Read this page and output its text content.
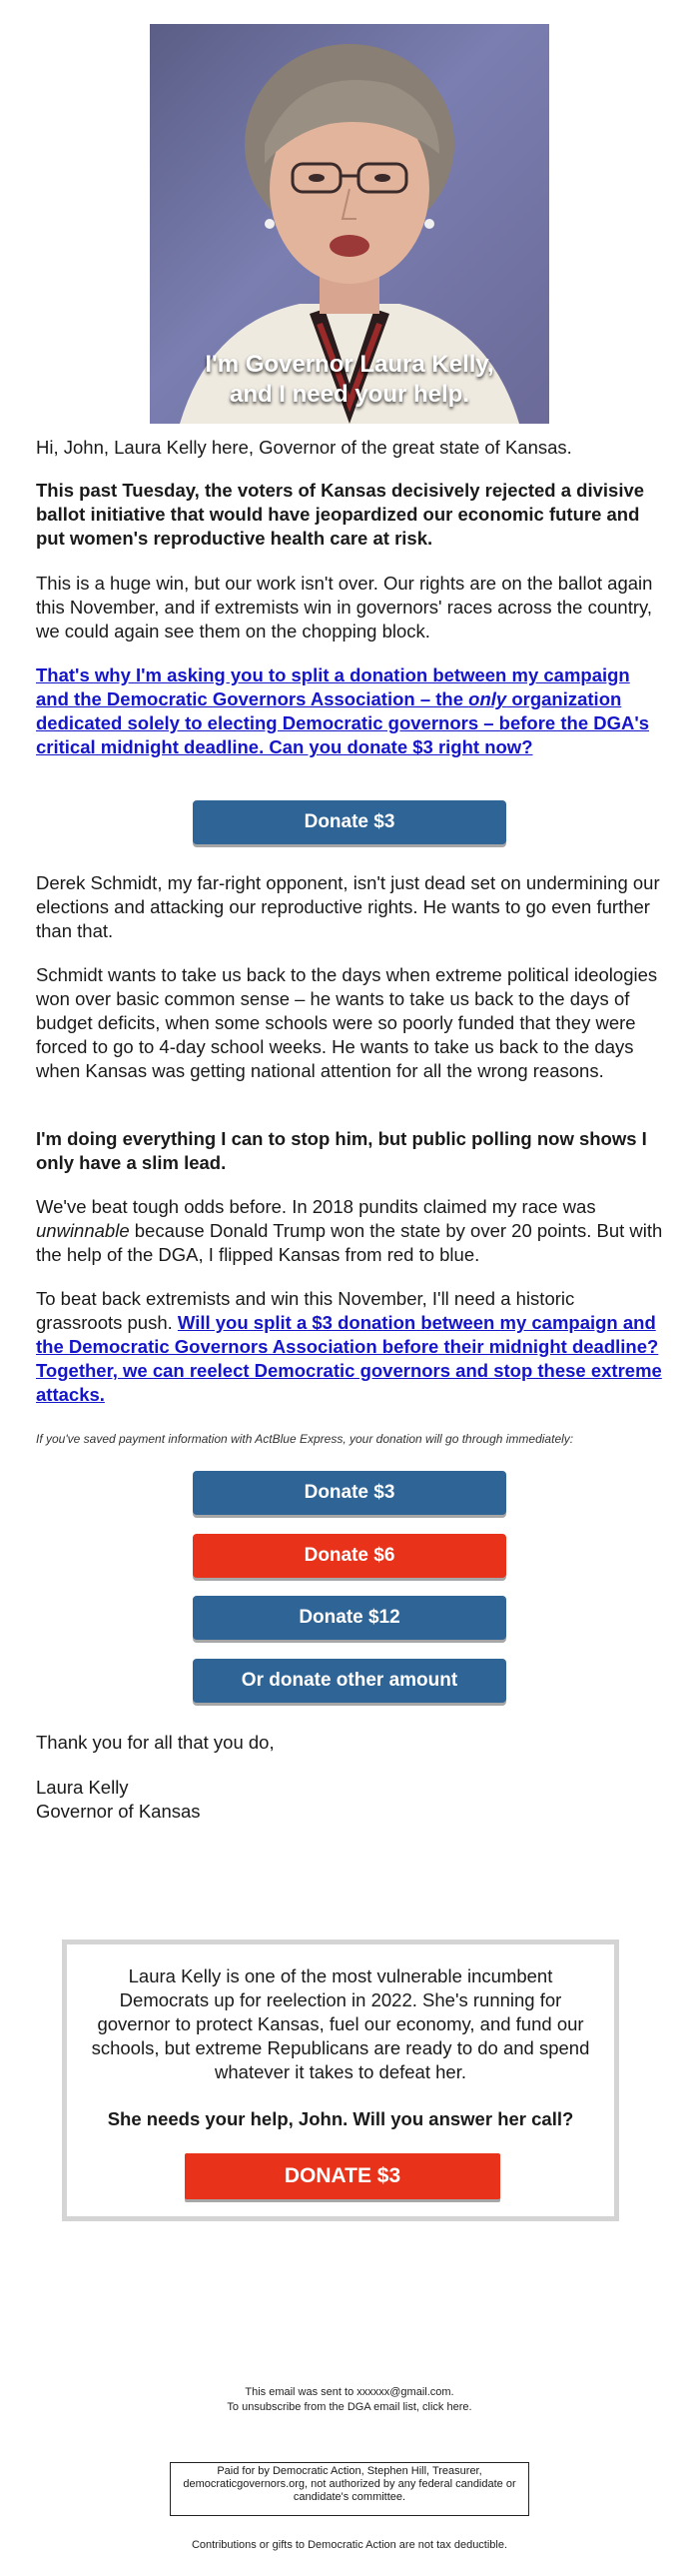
I'm Governor Laura Kelly,
and I need your help.

Hi, John, Laura Kelly here, Governor of the great state of Kansas.

This past Tuesday, the voters of Kansas decisively rejected a divisive ballot initiative that would have jeopardized our economic future and put women's reproductive health care at risk.

This is a huge win, but our work isn't over. Our rights are on the ballot again this November, and if extremists win in governors' races across the country, we could again see them on the chopping block.

That's why I'm asking you to split a donation between my campaign and the Democratic Governors Association – the only organization dedicated solely to electing Democratic governors – before the DGA's critical midnight deadline. Can you donate $3 right now?

Donate $3

Derek Schmidt, my far-right opponent, isn't just dead set on undermining our elections and attacking our reproductive rights. He wants to go even further than that.

Schmidt wants to take us back to the days when extreme political ideologies won over basic common sense – he wants to take us back to the days of budget deficits, when some schools were so poorly funded that they were forced to go to 4-day school weeks. He wants to take us back to the days when Kansas was getting national attention for all the wrong reasons.

I'm doing everything I can to stop him, but public polling now shows I only have a slim lead.

We've beat tough odds before. In 2018 pundits claimed my race was unwinnable because Donald Trump won the state by over 20 points. But with the help of the DGA, I flipped Kansas from red to blue.

To beat back extremists and win this November, I'll need a historic grassroots push. Will you split a $3 donation between my campaign and the Democratic Governors Association before their midnight deadline? Together, we can reelect Democratic governors and stop these extreme attacks.

If you've saved payment information with ActBlue Express, your donation will go through immediately:
Donate $3
Donate $6
Donate $12
Or donate other amount

Thank you for all that you do,

Laura Kelly

Governor of Kansas

Laura Kelly is one of the most vulnerable incumbent Democrats up for reelection in 2022. She's running for governor to protect Kansas, fuel our economy, and fund our schools, but extreme Republicans are ready to do and spend whatever it takes to defeat her.
She needs your help, John. Will you answer her call?
DONATE $3
This email was sent to xxxxxx@gmail.com.
To unsubscribe from the DGA email list, click here.
Paid for by Democratic Action, Stephen Hill, Treasurer, democraticgovernors.org, not authorized by any federal candidate or candidate's committee.
Contributions or gifts to Democratic Action are not tax deductible.
